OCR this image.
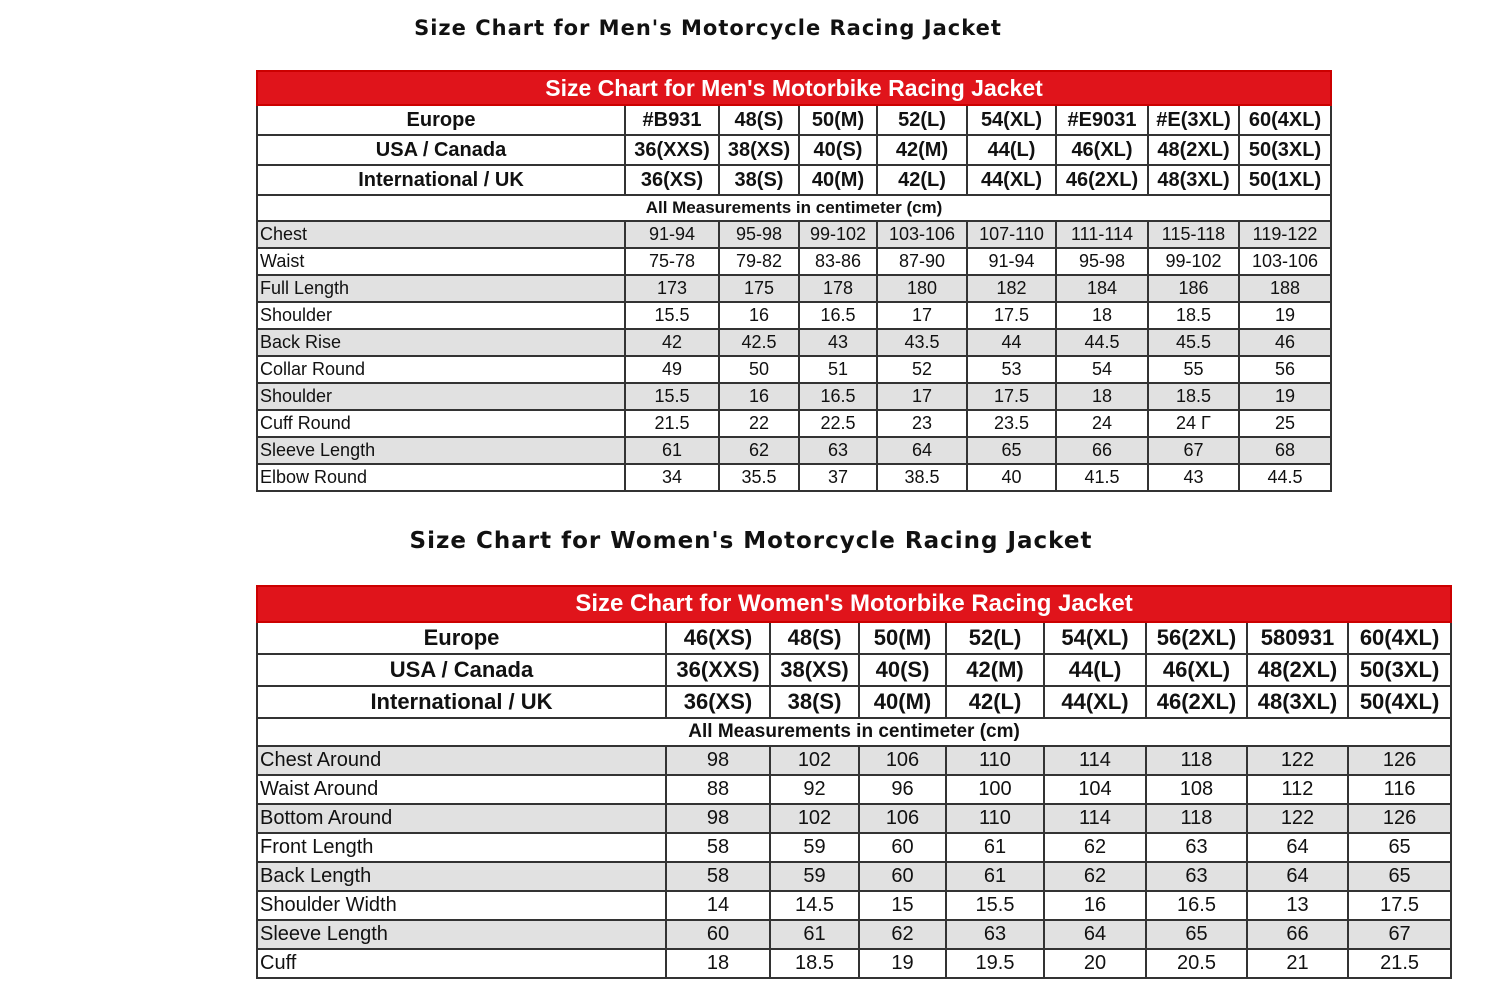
Size Chart for Men's Motorcycle Racing Jacket
Size Chart for Men's Motorbike Racing Jacket								
Europe	#B931	48(S)	50(M)	52(L)	54(XL)	#E9031	#E(3XL)	60(4XL)
USA / Canada	36(XXS)	38(XS)	40(S)	42(M)	44(L)	46(XL)	48(2XL)	50(3XL)
International / UK	36(XS)	38(S)	40(M)	42(L)	44(XL)	46(2XL)	48(3XL)	50(1XL)
All Measurements in centimeter (cm)								
Chest	91-94	95-98	99-102	103-106	107-110	111-114	115-118	119-122
Waist	75-78	79-82	83-86	87-90	91-94	95-98	99-102	103-106
Full Length	173	175	178	180	182	184	186	188
Shoulder	15.5	16	16.5	17	17.5	18	18.5	19
Back Rise	42	42.5	43	43.5	44	44.5	45.5	46
Collar Round	49	50	51	52	53	54	55	56
Shoulder	15.5	16	16.5	17	17.5	18	18.5	19
Cuff Round	21.5	22	22.5	23	23.5	24	24 Γ	25
Sleeve Length	61	62	63	64	65	66	67	68
Elbow Round	34	35.5	37	38.5	40	41.5	43	44.5
Size Chart for Women's Motorcycle Racing Jacket
Size Chart for Women's Motorbike Racing Jacket								
Europe	46(XS)	48(S)	50(M)	52(L)	54(XL)	56(2XL)	580931	60(4XL)
USA / Canada	36(XXS)	38(XS)	40(S)	42(M)	44(L)	46(XL)	48(2XL)	50(3XL)
International / UK	36(XS)	38(S)	40(M)	42(L)	44(XL)	46(2XL)	48(3XL)	50(4XL)
All Measurements in centimeter (cm)								
Chest Around	98	102	106	110	114	118	122	126
Waist Around	88	92	96	100	104	108	112	116
Bottom Around	98	102	106	110	114	118	122	126
Front Length	58	59	60	61	62	63	64	65
Back Length	58	59	60	61	62	63	64	65
Shoulder Width	14	14.5	15	15.5	16	16.5	13	17.5
Sleeve Length	60	61	62	63	64	65	66	67
Cuff	18	18.5	19	19.5	20	20.5	21	21.5
